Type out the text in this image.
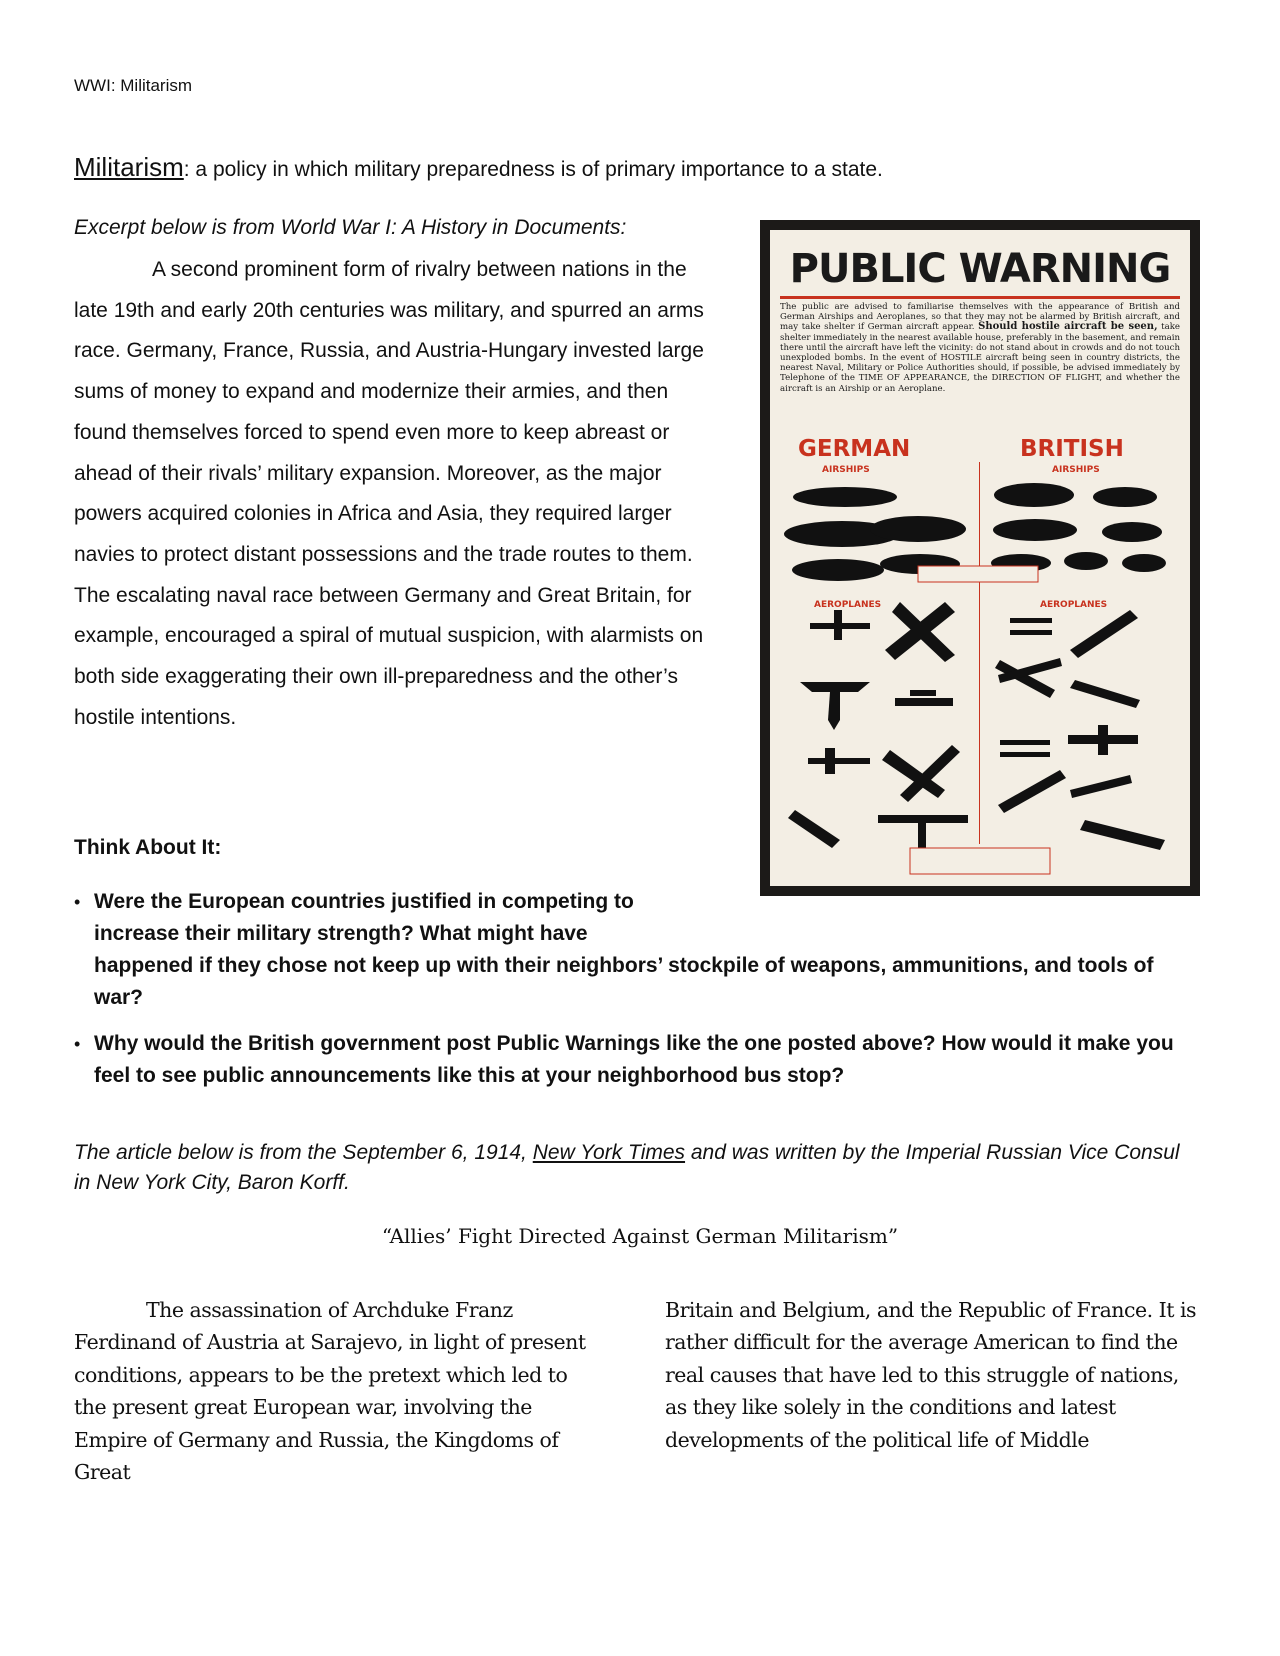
WWI: Militarism
Militarism: a policy in which military preparedness is of primary importance to a state.
Excerpt below is from World War I: A History in Documents:

A second prominent form of rivalry between nations in the late 19th and early 20th centuries was military, and spurred an arms race. Germany, France, Russia, and Austria-Hungary invested large sums of money to expand and modernize their armies, and then found themselves forced to spend even more to keep abreast or ahead of their rivals’ military expansion. Moreover, as the major powers acquired colonies in Africa and Asia, they required larger navies to protect distant possessions and the trade routes to them. The escalating naval race between Germany and Great Britain, for example, encouraged a spiral of mutual suspicion, with alarmists on both side exaggerating their own ill-preparedness and the other’s hostile intentions.

PUBLIC WARNING

The public are advised to familiarise themselves with the appearance of British and German Airships and Aeroplanes, so that they may not be alarmed by British aircraft, and may take shelter if German aircraft appear. Should hostile aircraft be seen, take shelter immediately in the nearest available house, preferably in the basement, and remain there until the aircraft have left the vicinity: do not stand about in crowds and do not touch unexploded bombs. In the event of HOSTILE aircraft being seen in country districts, the nearest Naval, Military or Police Authorities should, if possible, be advised immediately by Telephone of the TIME OF APPEARANCE, the DIRECTION OF FLIGHT, and whether the aircraft is an Airship or an Aeroplane.

GERMAN	BRITISH
AIRSHIPS	AIRSHIPS
AEROPLANES	AEROPLANES
Think About It:
• Were the European countries justified in competing to increase their military strength? What might have
happened if they chose not keep up with their neighbors’ stockpile of weapons, ammunitions, and tools of war?
• Why would the British government post Public Warnings like the one posted above? How would it make you feel to see public announcements like this at your neighborhood bus stop?
The article below is from the September 6, 1914, New York Times and was written by the Imperial Russian Vice Consul in New York City, Baron Korff.
“Allies’ Fight Directed Against German Militarism”

The assassination of Archduke Franz Ferdinand of Austria at Sarajevo, in light of present conditions, appears to be the pretext which led to the present great European war, involving the Empire of Germany and Russia, the Kingdoms of Great

Britain and Belgium, and the Republic of France. It is rather difficult for the average American to find the real causes that have led to this struggle of nations, as they like solely in the conditions and latest developments of the political life of Middle
